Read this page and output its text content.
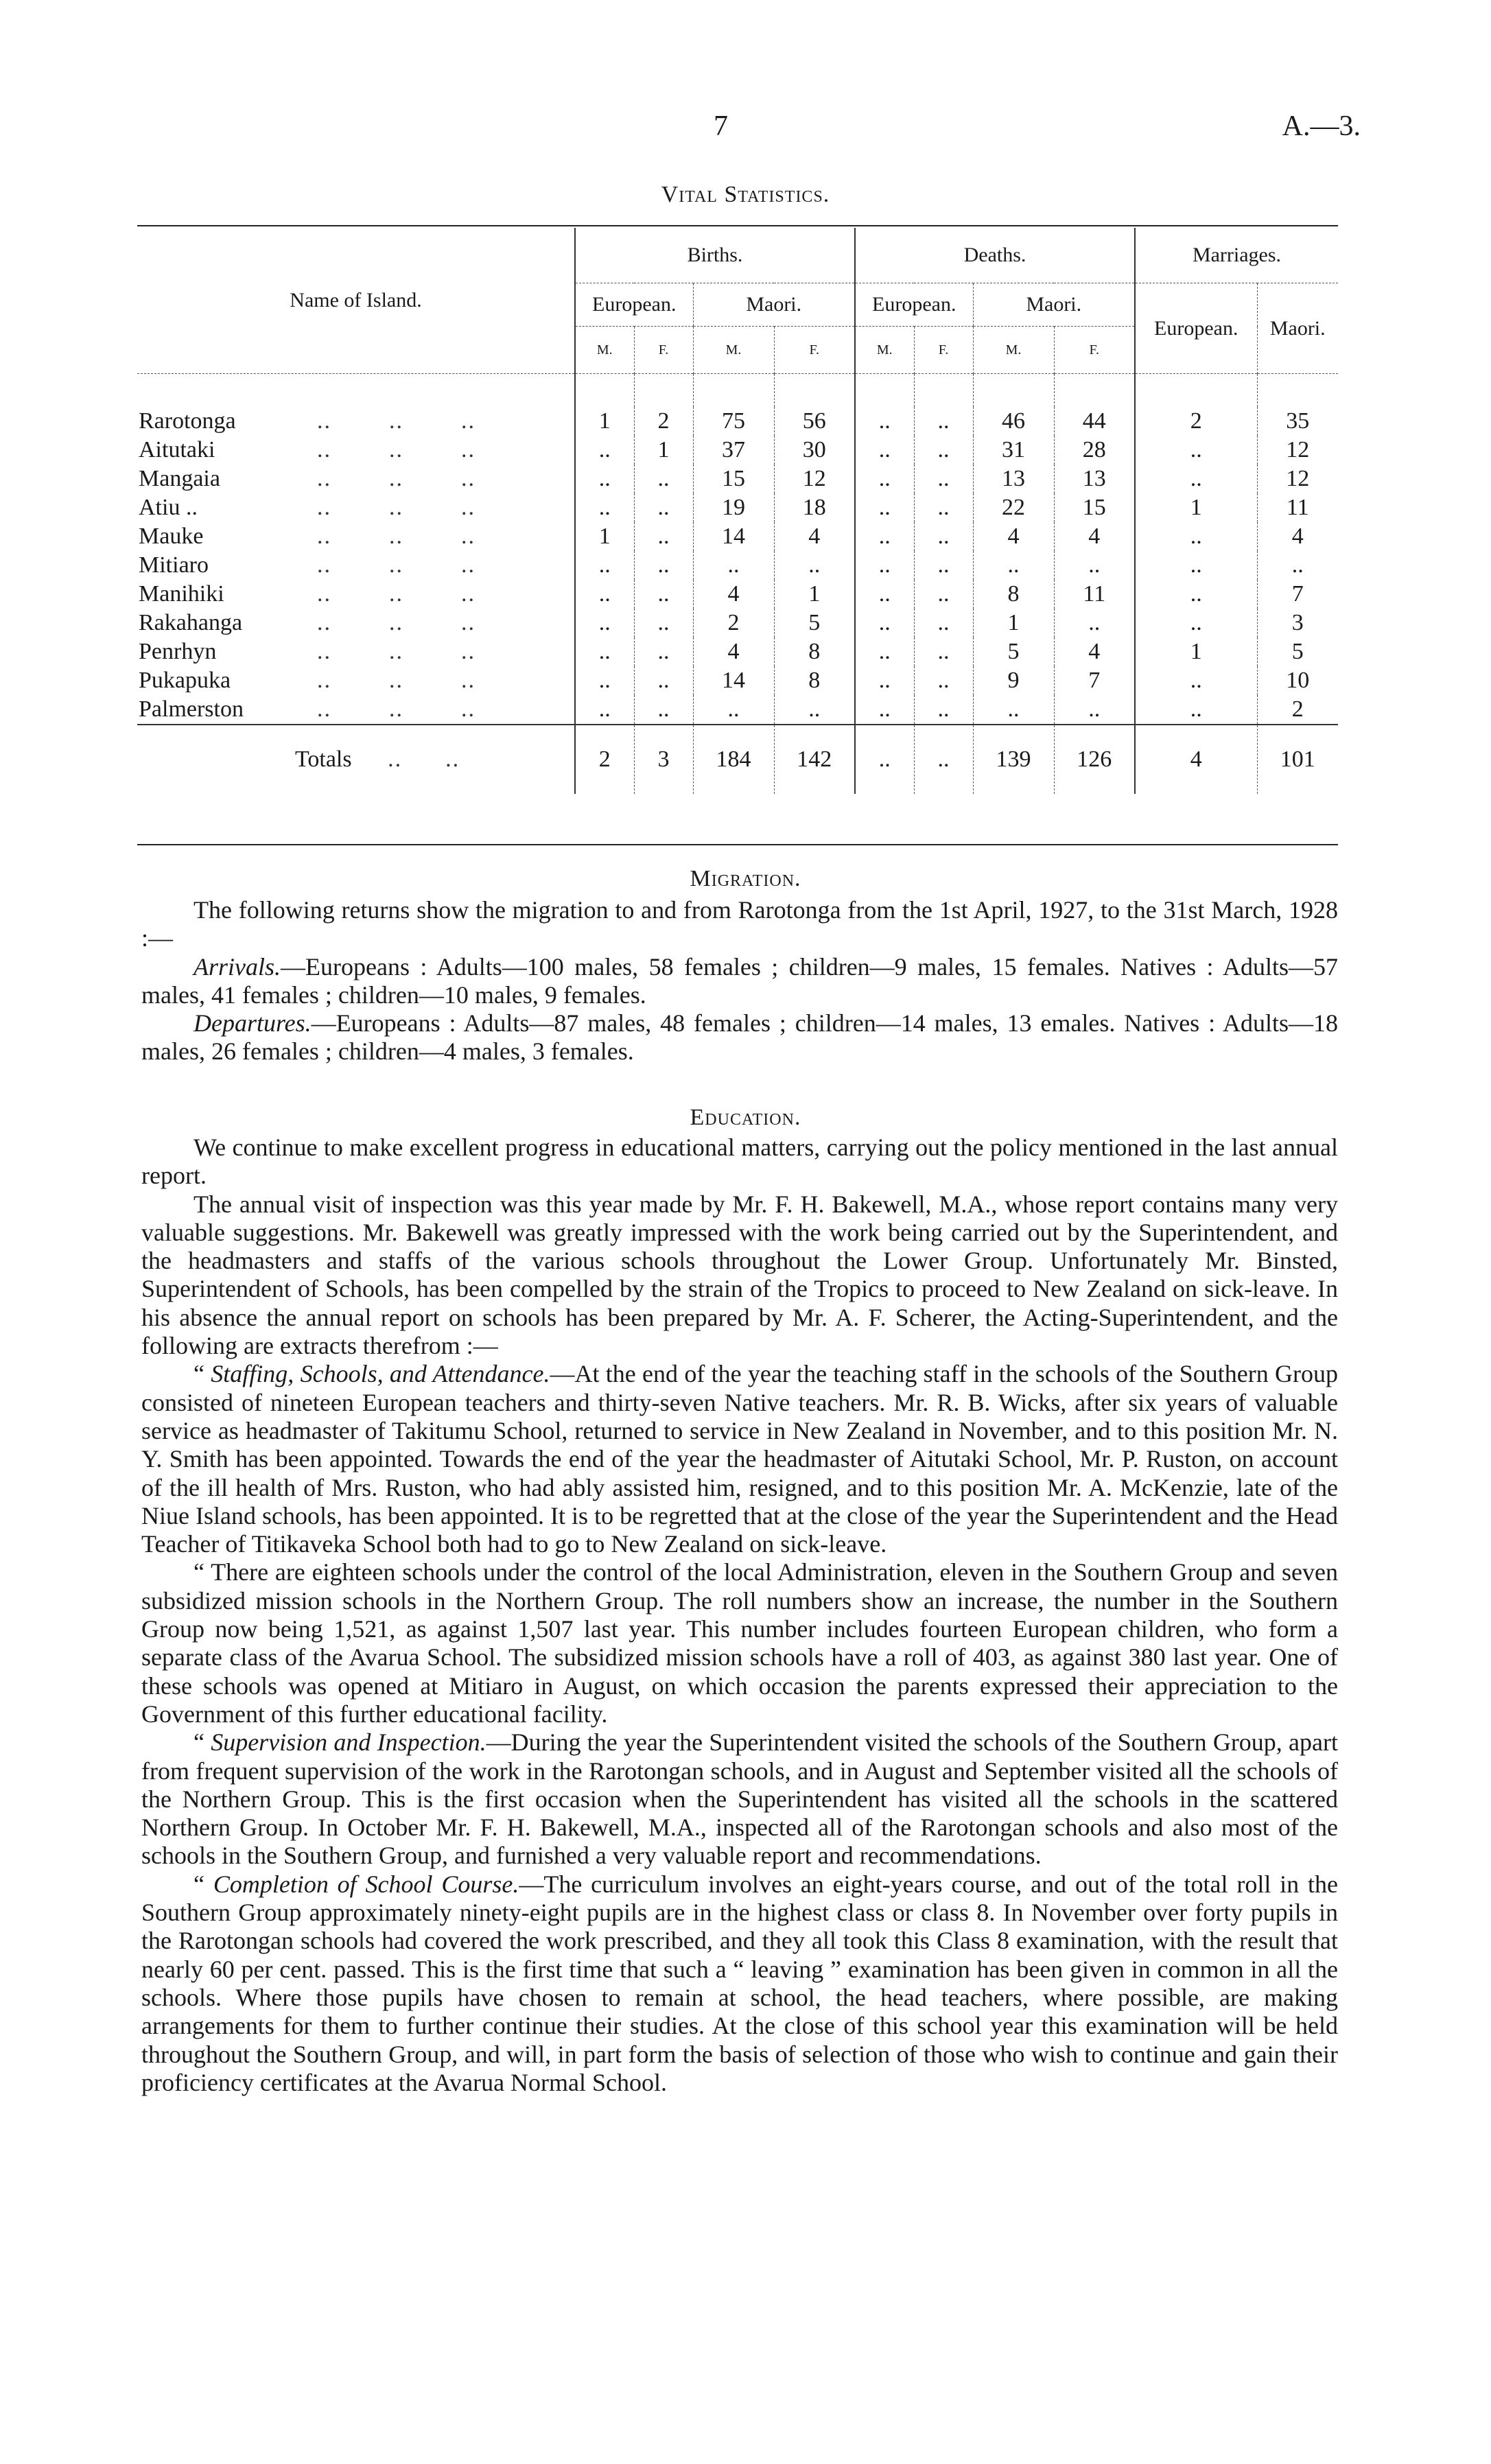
7	A.—3.
Vital Statistics.
Name of Island.	Births.				Deaths.				Marriages.	
	European.		Maori.		European.		Maori.		European.	Maori.
	M.	F.	M.	F.	M.	F.	M.	F.		

Rarotonga ..        ..        ..	1	2	75	56	..	..	46	44	2	35
Aitutaki ..        ..        ..	..	1	37	30	..	..	31	28	..	12
Mangaia ..        ..        ..	..	..	15	12	..	..	13	13	..	12
Atiu .. ..        ..        ..	..	..	19	18	..	..	22	15	1	11
Mauke ..        ..        ..	1	..	14	4	..	..	4	4	..	4
Mitiaro ..        ..        ..	..	..	..	..	..	..	..	..	..	..
Manihiki ..        ..        ..	..	..	4	1	..	..	8	11	..	7
Rakahanga ..        ..        ..	..	..	2	5	..	..	1	..	..	3
Penrhyn ..        ..        ..	..	..	4	8	..	..	5	4	1	5
Pukapuka ..        ..        ..	..	..	14	8	..	..	9	7	..	10
Palmerston ..        ..        ..	..	..	..	..	..	..	..	..	..	2
Totals     ..      ..	2	3	184	142	..	..	139	126	4	101
Migration.

The following returns show the migration to and from Rarotonga from the 1st April, 1927, to the 31st March, 1928 :—

Arrivals.—Europeans : Adults—100 males, 58 females ; children—9 males, 15 females. Natives : Adults—57 males, 41 females ; children—10 males, 9 females.

Departures.—Europeans : Adults—87 males, 48 females ; children—14 males, 13 emales. Natives : Adults—18 males, 26 females ; children—4 males, 3 females.

Education.

We continue to make excellent progress in educational matters, carrying out the policy mentioned in the last annual report.

The annual visit of inspection was this year made by Mr. F. H. Bakewell, M.A., whose report contains many very valuable suggestions. Mr. Bakewell was greatly impressed with the work being carried out by the Superintendent, and the headmasters and staffs of the various schools throughout the Lower Group. Unfortunately Mr. Binsted, Superintendent of Schools, has been compelled by the strain of the Tropics to proceed to New Zealand on sick-leave. In his absence the annual report on schools has been prepared by Mr. A. F. Scherer, the Acting-Superintendent, and the following are extracts therefrom :—

“ Staffing, Schools, and Attendance.—At the end of the year the teaching staff in the schools of the Southern Group consisted of nineteen European teachers and thirty-seven Native teachers. Mr. R. B. Wicks, after six years of valuable service as headmaster of Takitumu School, returned to service in New Zealand in November, and to this position Mr. N. Y. Smith has been appointed. Towards the end of the year the headmaster of Aitutaki School, Mr. P. Ruston, on account of the ill health of Mrs. Ruston, who had ably assisted him, resigned, and to this position Mr. A. McKenzie, late of the Niue Island schools, has been appointed. It is to be regretted that at the close of the year the Superintendent and the Head Teacher of Titikaveka School both had to go to New Zealand on sick-leave.

“ There are eighteen schools under the control of the local Administration, eleven in the Southern Group and seven subsidized mission schools in the Northern Group. The roll numbers show an increase, the number in the Southern Group now being 1,521, as against 1,507 last year. This number includes fourteen European children, who form a separate class of the Avarua School. The subsidized mission schools have a roll of 403, as against 380 last year. One of these schools was opened at Mitiaro in August, on which occasion the parents expressed their appreciation to the Government of this further educational facility.

“ Supervision and Inspection.—During the year the Superintendent visited the schools of the Southern Group, apart from frequent supervision of the work in the Rarotongan schools, and in August and September visited all the schools of the Northern Group. This is the first occasion when the Superintendent has visited all the schools in the scattered Northern Group. In October Mr. F. H. Bakewell, M.A., inspected all of the Rarotongan schools and also most of the schools in the Southern Group, and furnished a very valuable report and recommendations.

“ Completion of School Course.—The curriculum involves an eight-years course, and out of the total roll in the Southern Group approximately ninety-eight pupils are in the highest class or class 8. In November over forty pupils in the Rarotongan schools had covered the work prescribed, and they all took this Class 8 examination, with the result that nearly 60 per cent. passed. This is the first time that such a “ leaving ” examination has been given in common in all the schools. Where those pupils have chosen to remain at school, the head teachers, where possible, are making arrangements for them to further continue their studies. At the close of this school year this examination will be held throughout the Southern Group, and will, in part form the basis of selection of those who wish to continue and gain their proficiency certificates at the Avarua Normal School.
